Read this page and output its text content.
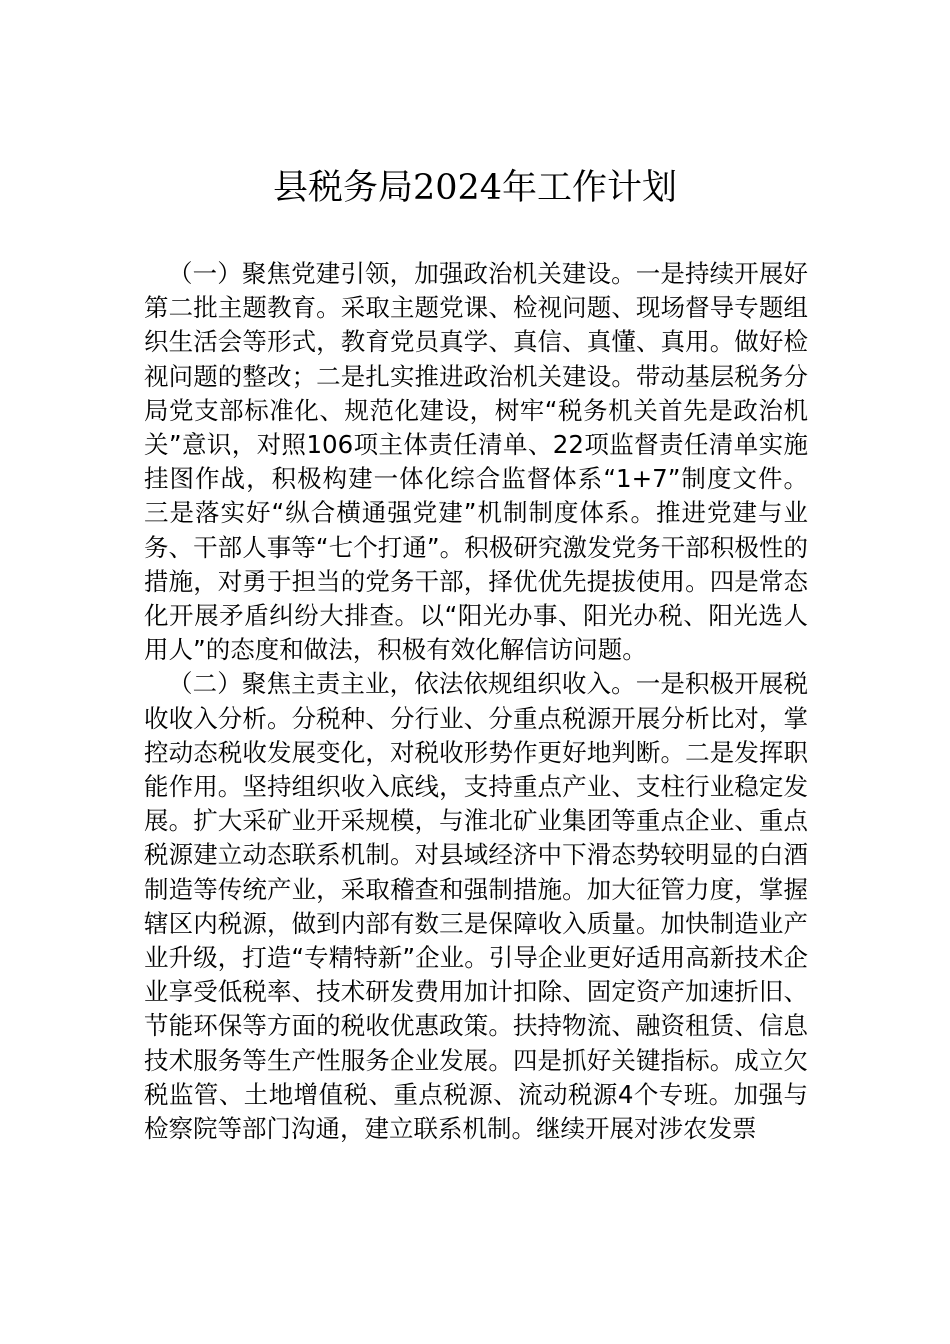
县税务局2024年工作计划

（一）聚焦党建引领，加强政治机关建设。一是持续开展好第二批主题教育。采取主题党课、检视问题、现场督导专题组织生活会等形式，教育党员真学、真信、真懂、真用。做好检视问题的整改；二是扎实推进政治机关建设。带动基层税务分局党支部标准化、规范化建设，树牢“税务机关首先是政治机关”意识，对照106项主体责任清单、22项监督责任清单实施挂图作战，积极构建一体化综合监督体系“1+7”制度文件。三是落实好“纵合横通强党建”机制制度体系。推进党建与业务、干部人事等“七个打通”。积极研究激发党务干部积极性的措施，对勇于担当的党务干部，择优优先提拔使用。四是常态化开展矛盾纠纷大排查。以“阳光办事、阳光办税、阳光选人用人”的态度和做法，积极有效化解信访问题。

（二）聚焦主责主业，依法依规组织收入。一是积极开展税收收入分析。分税种、分行业、分重点税源开展分析比对，掌控动态税收发展变化，对税收形势作更好地判断。二是发挥职能作用。坚持组织收入底线，支持重点产业、支柱行业稳定发展。扩大采矿业开采规模，与淮北矿业集团等重点企业、重点税源建立动态联系机制。对县域经济中下滑态势较明显的白酒制造等传统产业，采取稽查和强制措施。加大征管力度，掌握辖区内税源，做到内部有数三是保障收入质量。加快制造业产业升级，打造“专精特新”企业。引导企业更好适用高新技术企业享受低税率、技术研发费用加计扣除、固定资产加速折旧、节能环保等方面的税收优惠政策。扶持物流、融资租赁、信息技术服务等生产性服务企业发展。四是抓好关键指标。成立欠税监管、土地增值税、重点税源、流动税源4个专班。加强与检察院等部门沟通，建立联系机制。继续开展对涉农发票
